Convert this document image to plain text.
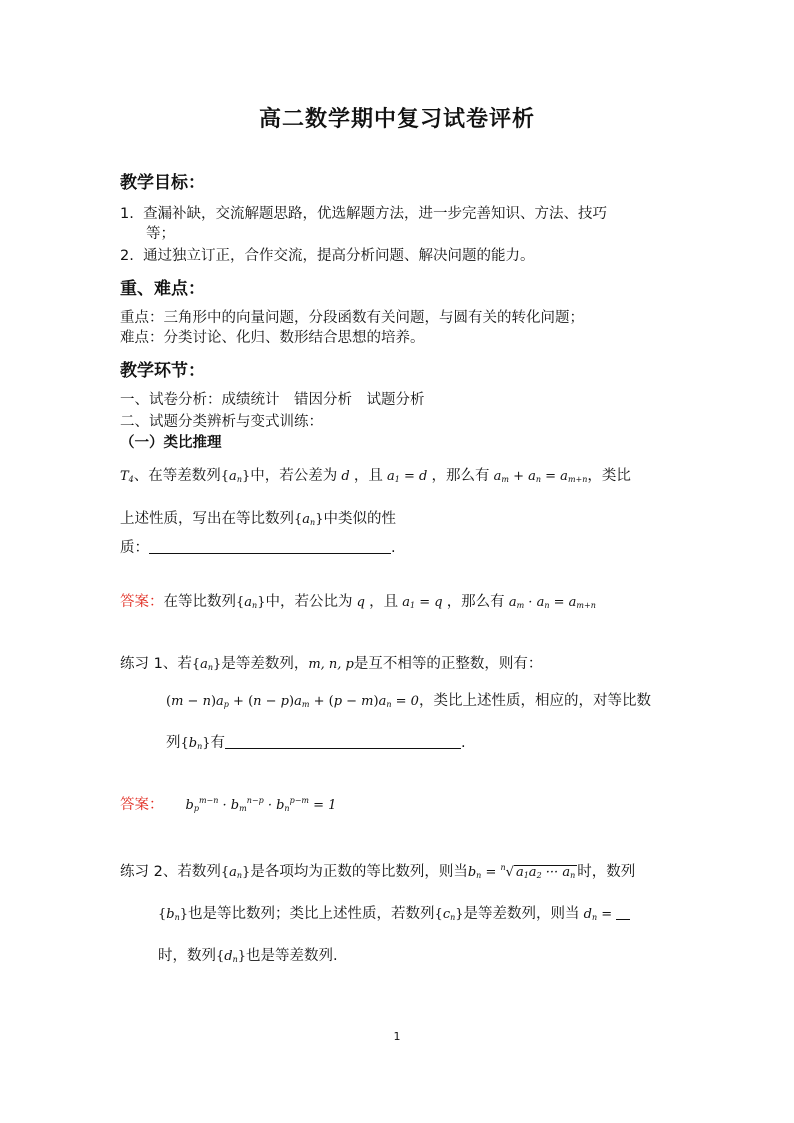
高二数学期中复习试卷评析
教学目标：
1. 查漏补缺，交流解题思路，优选解题方法，进一步完善知识、方法、技巧
等；
2. 通过独立订正，合作交流，提高分析问题、解决问题的能力。
重、难点：
重点：三角形中的向量问题，分段函数有关问题，与圆有关的转化问题；
难点：分类讨论、化归、数形结合思想的培养。
教学环节：
一、试卷分析：成绩统计　错因分析　试题分析
二、试题分类辨析与变式训练：
（一）类比推理
$T_4$、在等差数列$\{a_n\}$中，若公差为 d ，且 $a_1 = d$ ，那么有 $a_m + a_n = a_{m+n}$，类比
上述性质，写出在等比数列$\{a_n\}$中类似的性
质：	.
答案：在等比数列$\{a_n\}$中，若公比为 q ，且 $a_1 = q$ ，那么有 $a_m \cdot a_n = a_{m+n}$
练习 1、若$\{a_n\}$是等差数列，m, n, p是互不相等的正整数，则有：
$(m - n)a_p + (n - p)a_m + (p - m)a_n = 0$，类比上述性质，相应的，对等比数
列$\{b_n\}$有	.
答案： $b_p^{m-n} \cdot b_m^{n-p} \cdot b_n^{p-m} = 1$
练习 2、若数列$\{a_n\}$是各项均为正数的等比数列，则当$b_n = ^n√$ $a_1a_2$ ··· $a_n$ 时，数列
$\{b_n\}$也是等比数列；类比上述性质，若数列$\{c_n\}$是等差数列，则当 $d_n$ =
时，数列$\{d_n\}$也是等差数列.
1
